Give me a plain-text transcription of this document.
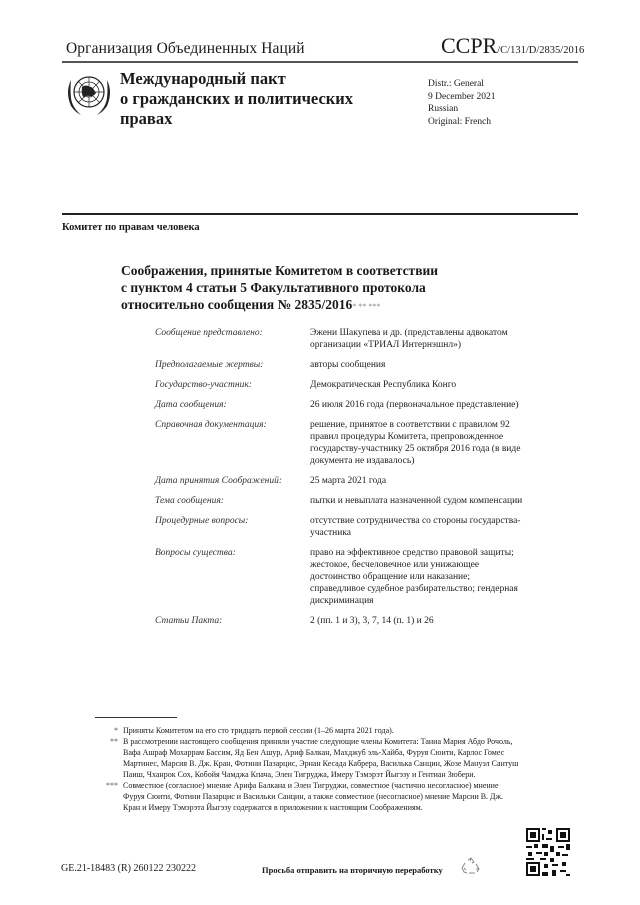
Организация Объединенных Наций	CCPR/C/131/D/2835/2016
Международный пакт
о гражданских и политических
правах
Distr.: General
9 December 2021
Russian
Original: French
Комитет по правам человека
Соображения, принятые Комитетом в соответствии
с пунктом 4 статьи 5 Факультативного протокола
относительно сообщения № 2835/2016* ** ***
Сообщение представлено:	Эжени Шакупева и др. (представлены адвокатом организации «ТРИАЛ Интернэшнл»)
Предполагаемые жертвы:	авторы сообщения
Государство-участник:	Демократическая Республика Конго
Дата сообщения:	26 июля 2016 года (первоначальное представление)
Справочная документация:	решение, принятое в соответствии с правилом 92 правил процедуры Комитета, препровожденное государству-участнику 25 октября 2016 года (в виде документа не издавалось)
Дата принятия Соображений:	25 марта 2021 года
Тема сообщения:	пытки и невыплата назначенной судом компенсации
Процедурные вопросы:	отсутствие сотрудничества со стороны государства-участника
Вопросы существа:	право на эффективное средство правовой защиты; жестокое, бесчеловечное или унижающее достоинство обращение или наказание; справедливое судебное разбирательство; гендерная дискриминация
Статьи Пакта:	2 (пп. 1 и 3), 3, 7, 14 (п. 1) и 26
* Приняты Комитетом на его сто тридцать первой сессии (1–26 марта 2021 года).
** В рассмотрении настоящего сообщения приняли участие следующие члены Комитета: Таниа Мария Абдо Рочоль, Вафа Ашраф Мохаррам Бассим, Яд Бен Ашур, Ариф Балкан, Махджуб эль-Хайба, Фуруя Сюити, Карлос Гомес Мартинес, Марсия В. Дж. Кран, Фотини Пазарцис, Эрнан Кесада Кабрера, Василька Санцин, Жозе Мануэл Сантуш Паиш, Чханрок Сох, Кобойя Чамджа Кпача, Элен Тигруджа, Имеру Тэмэрэт Йыгэзу и Гентиан Зюбери.
*** Совместное (согласное) мнение Арифа Балкана и Элен Тигруджи, совместное (частично несогласное) мнение Фуруя Сюити, Фотини Пазарцис и Васильки Санцин, а также совместное (несогласное) мнение Марсии В. Дж. Кран и Имеру Тэмэрэта Йыгэзу содержатся в приложении к настоящим Соображениям.
GE.21-18483 (R) 260122 230222	Просьба отправить на вторичную переработку
